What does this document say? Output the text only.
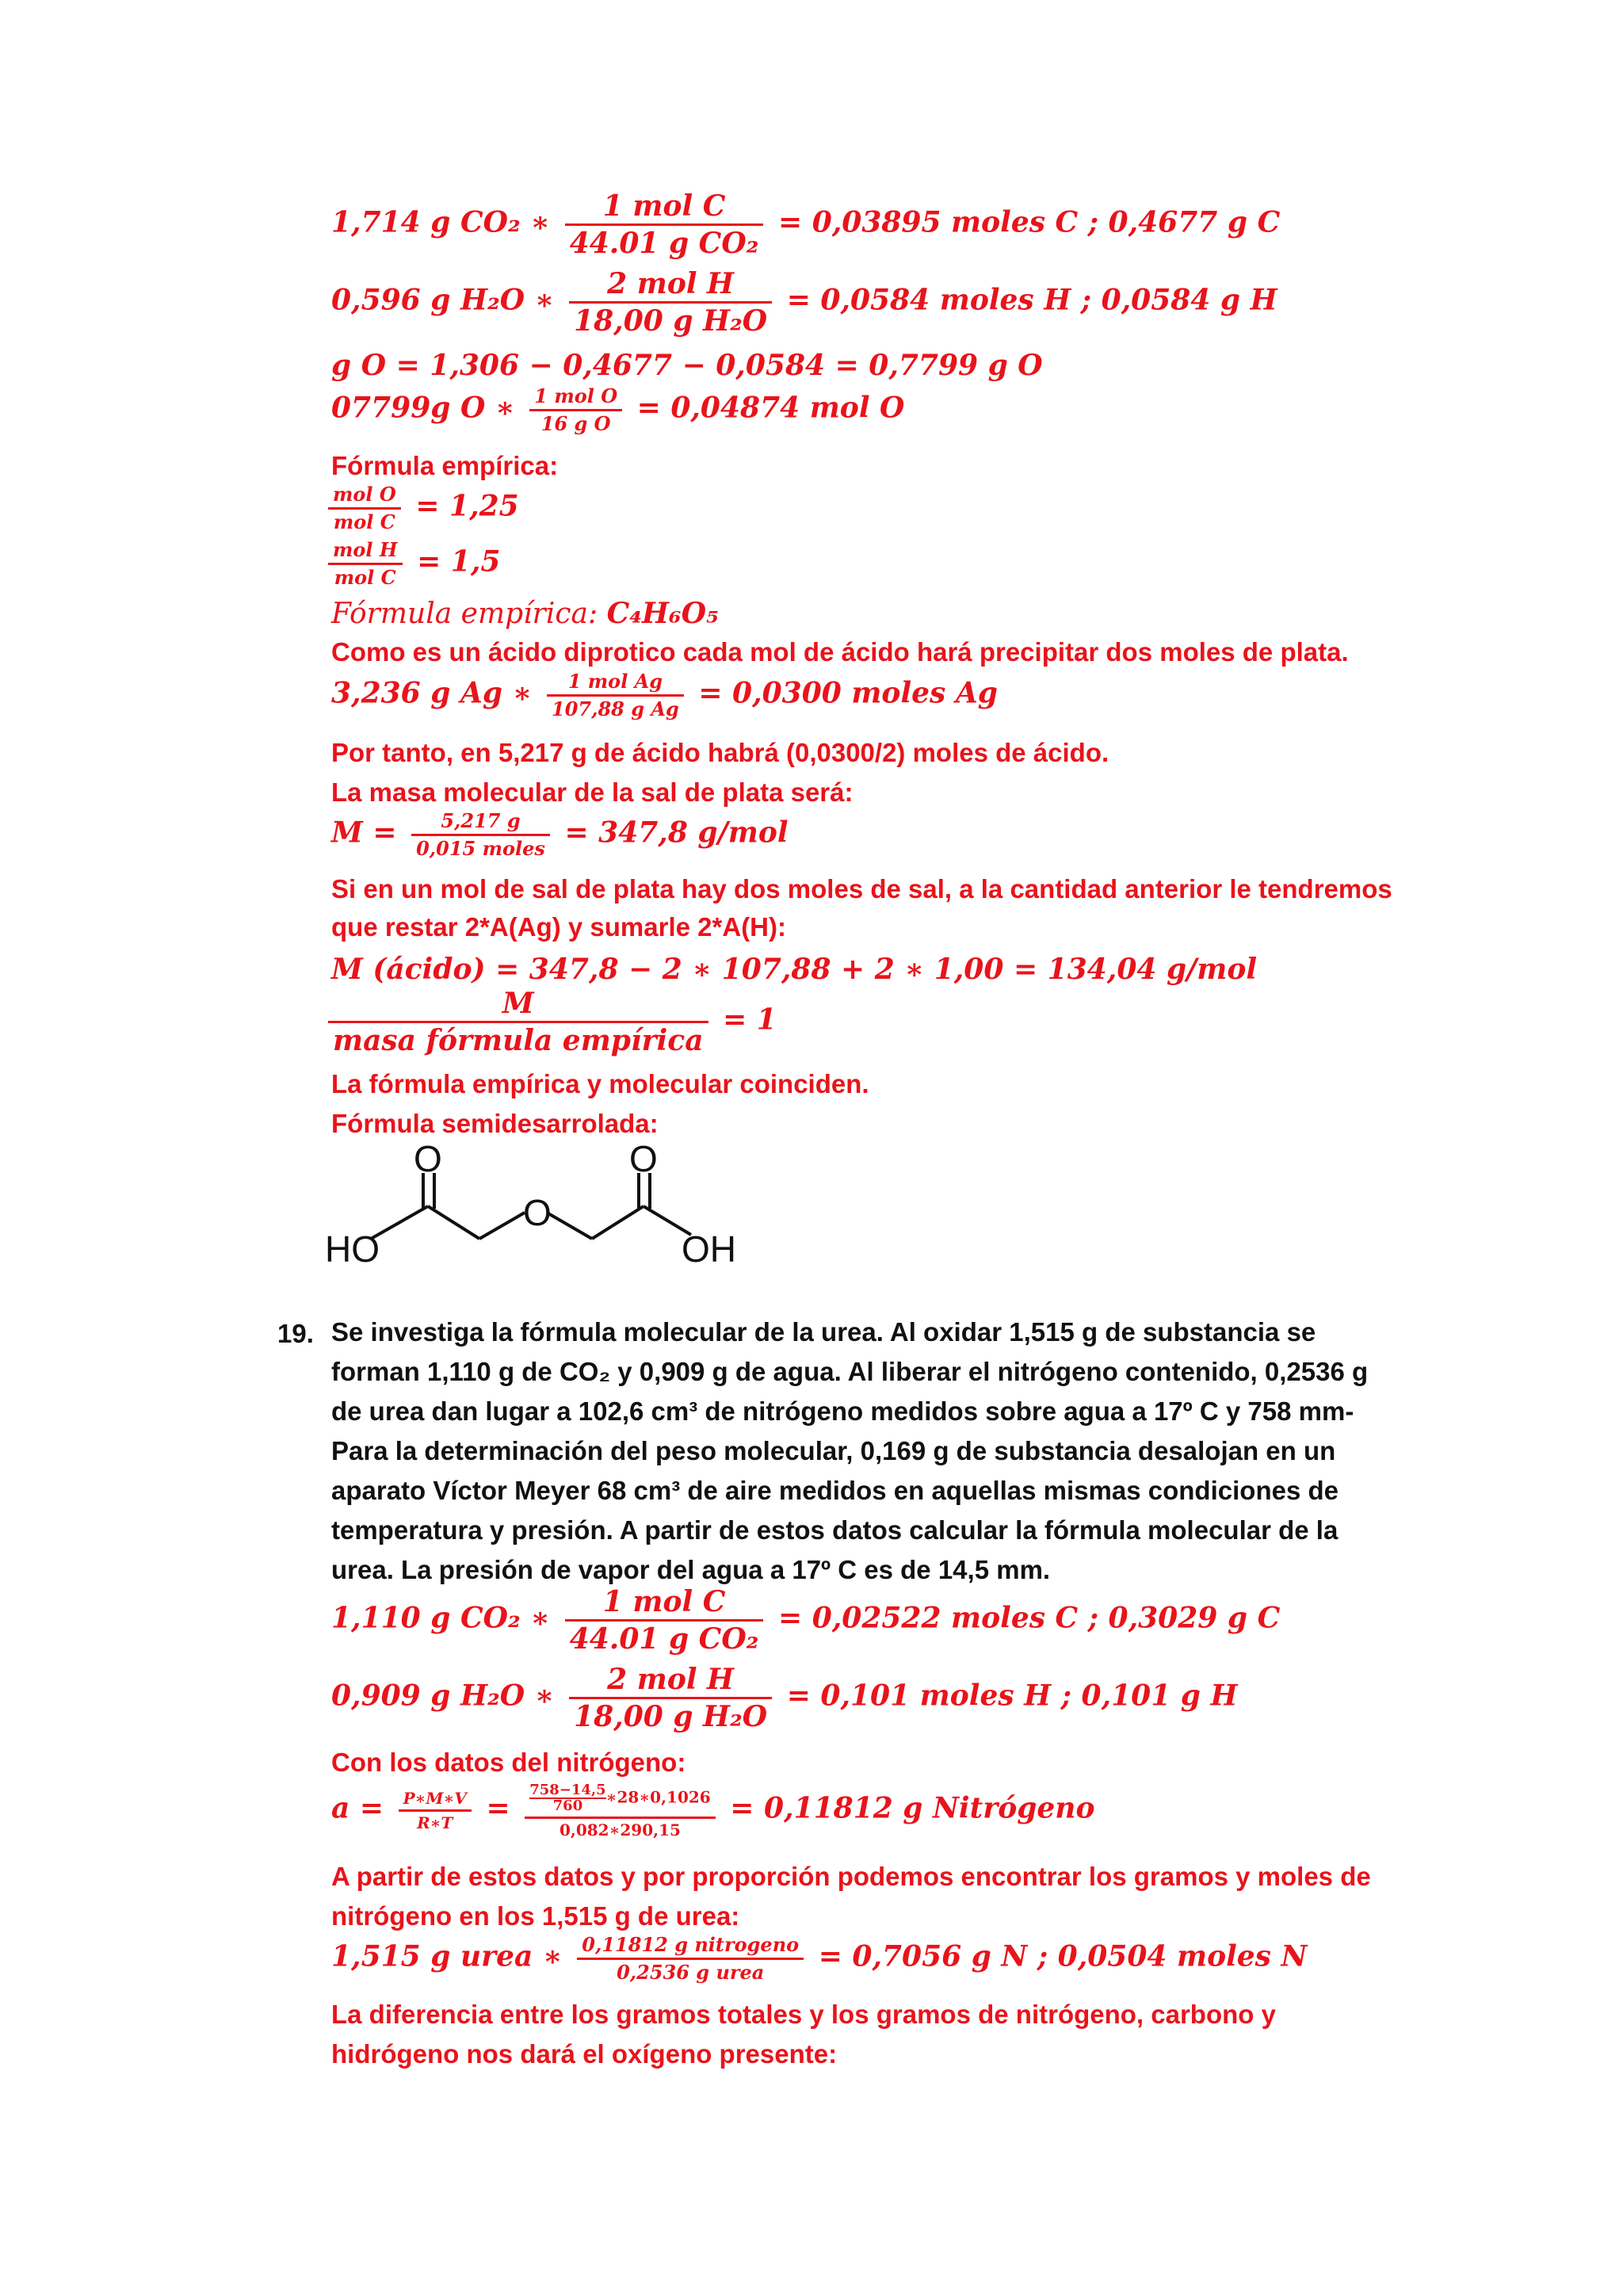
1,714 g CO₂ ∗ $\frac{\text{1 mol C}}{\text{44.01 g CO₂}} = 0,03895$ moles C ; 0,4677 g C
0,596 g H₂O ∗ $\frac{\text{2 mol H}}{\text{18,00 g H₂O}} = 0,0584$ moles H ; 0,0584 g H
g O = 1,306 − 0,4677 − 0,0584 = 0,7799 g O
07799g O ∗ $\frac{\text{1 mol O}}{\text{16 g O}} = 0,04874$ mol O
Fórmula empírica:
$\frac{\text{mol O}}{\text{mol C}} = 1,25$
$\frac{\text{mol H}}{\text{mol C}} = 1,5$
Fórmula empírica: C₄H₆O₅
Como es un ácido diprotico cada mol de ácido hará precipitar dos moles de plata.
3,236 g Ag ∗ $\frac{\text{1 mol Ag}}{\text{107,88 g Ag}} = 0,0300$ moles Ag
Por tanto, en 5,217 g de ácido habrá (0,0300/2) moles de ácido.
La masa molecular de la sal de plata será:
$M = \frac{5,217 g}{\text{0,015 moles}} = 347,8$ g/mol
Si en un mol de sal de plata hay dos moles de sal, a la cantidad anterior le tendremos
que restar 2*A(Ag) y sumarle 2*A(H):
M (ácido) = 347,8 − 2 ∗ 107,88 + 2 ∗ 1,00 = 134,04 g/mol
$\frac{M}{\text{masa fórmula empírica}} = 1$
La fórmula empírica y molecular coinciden.
Fórmula semidesarrolada:
O
O
O
HO	OH
19. Se investiga la fórmula molecular de la urea. Al oxidar 1,515 g de substancia se forman 1,110 g de CO₂ y 0,909 g de agua. Al liberar el nitrógeno contenido, 0,2536 g de urea dan lugar a 102,6 cm³ de nitrógeno medidos sobre agua a 17º C y 758 mm- Para la determinación del peso molecular, 0,169 g de substancia desalojan en un aparato Víctor Meyer 68 cm³ de aire medidos en aquellas mismas condiciones de temperatura y presión. A partir de estos datos calcular la fórmula molecular de la urea. La presión de vapor del agua a 17º C es de 14,5 mm.
1,110 g CO₂ ∗ $\frac{\text{1 mol C}}{\text{44.01 g CO₂}} = 0,02522$ moles C ; 0,3029 g C
0,909 g H₂O ∗ $\frac{\text{2 mol H}}{\text{18,00 g H₂O}} = 0,101$ moles H ; 0,101 g H
Con los datos del nitrógeno:
$a = \frac{P∗M∗V}{R∗T} = \frac{\frac{758-14,5}{760} ∗28∗0,1026}{0,082∗290,15} = 0,11812$ g Nitrógeno
A partir de estos datos y por proporción podemos encontrar los gramos y moles de
nitrógeno en los 1,515 g de urea:
1,515 g urea ∗ $\frac{\text{0,11812 g nitrogeno}}{\text{0,2536 g urea}} = 0,7056$ g N ; 0,0504 moles N
La diferencia entre los gramos totales y los gramos de nitrógeno, carbono y
hidrógeno nos dará el oxígeno presente:
